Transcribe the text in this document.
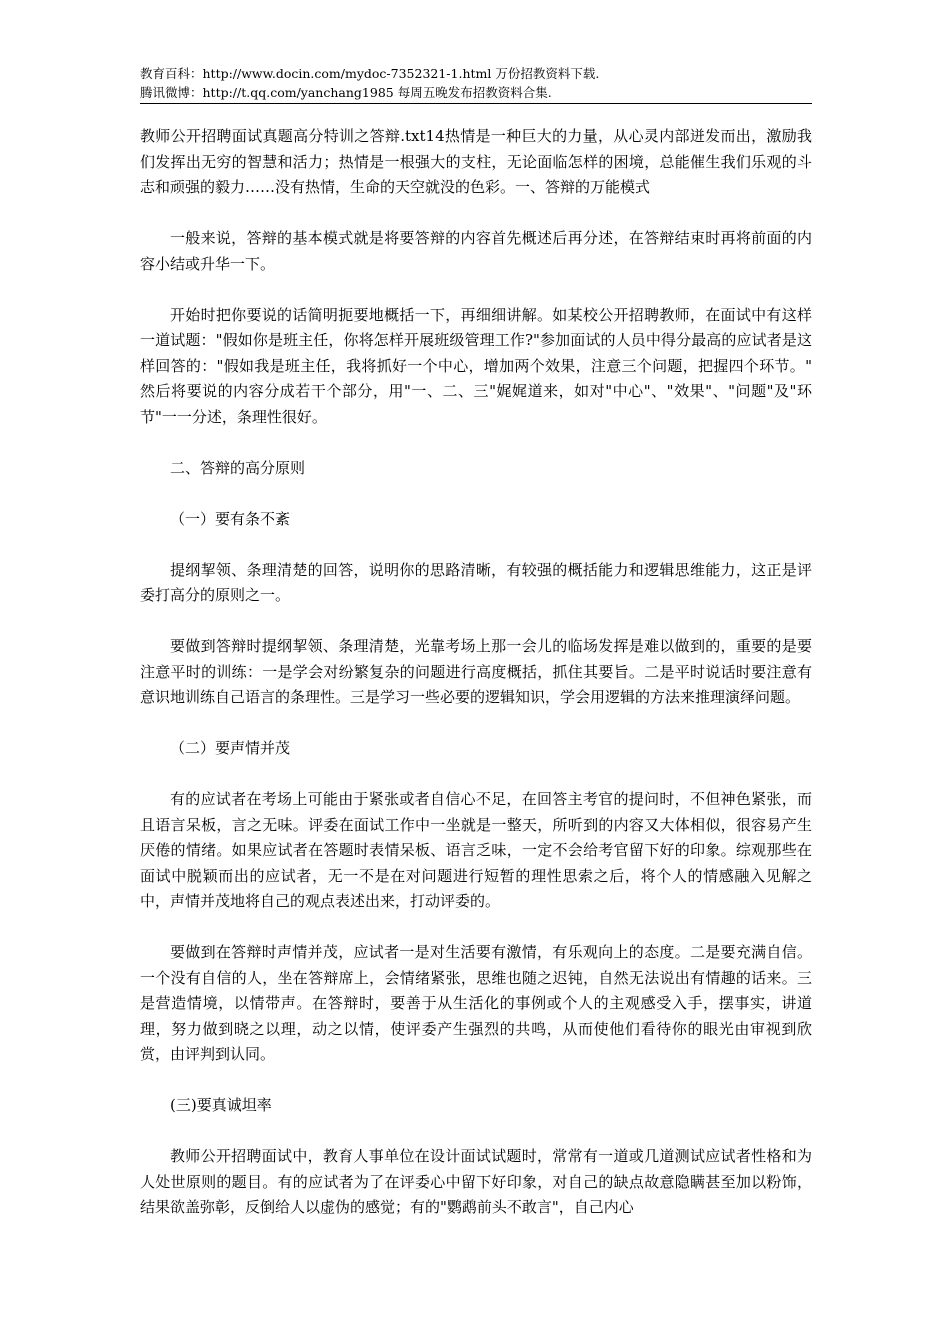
教育百科：http://www.docin.com/mydoc-7352321-1.html 万份招教资料下载.
腾讯微博：http://t.qq.com/yanchang1985 每周五晚发布招教资料合集.

教师公开招聘面试真题高分特训之答辩.txt14热情是一种巨大的力量，从心灵内部迸发而出，激励我们发挥出无穷的智慧和活力；热情是一根强大的支柱，无论面临怎样的困境，总能催生我们乐观的斗志和顽强的毅力……没有热情，生命的天空就没的色彩。一、答辩的万能模式

一般来说，答辩的基本模式就是将要答辩的内容首先概述后再分述，在答辩结束时再将前面的内容小结或升华一下。

开始时把你要说的话简明扼要地概括一下，再细细讲解。如某校公开招聘教师，在面试中有这样一道试题："假如你是班主任，你将怎样开展班级管理工作?"参加面试的人员中得分最高的应试者是这样回答的："假如我是班主任，我将抓好一个中心，增加两个效果，注意三个问题，把握四个环节。" 然后将要说的内容分成若干个部分，用"一、二、三"娓娓道来，如对"中心"、"效果"、"问题"及"环节"一一分述，条理性很好。

二、答辩的高分原则

（一）要有条不紊

提纲挈领、条理清楚的回答，说明你的思路清晰，有较强的概括能力和逻辑思维能力，这正是评委打高分的原则之一。

要做到答辩时提纲挈领、条理清楚，光靠考场上那一会儿的临场发挥是难以做到的，重要的是要注意平时的训练：一是学会对纷繁复杂的问题进行高度概括，抓住其要旨。二是平时说话时要注意有意识地训练自己语言的条理性。三是学习一些必要的逻辑知识，学会用逻辑的方法来推理演绎问题。

（二）要声情并茂

有的应试者在考场上可能由于紧张或者自信心不足，在回答主考官的提问时，不但神色紧张，而且语言呆板，言之无味。评委在面试工作中一坐就是一整天，所听到的内容又大体相似，很容易产生厌倦的情绪。如果应试者在答题时表情呆板、语言乏味，一定不会给考官留下好的印象。综观那些在面试中脱颖而出的应试者，无一不是在对问题进行短暂的理性思索之后，将个人的情感融入见解之中，声情并茂地将自己的观点表述出来，打动评委的。

要做到在答辩时声情并茂，应试者一是对生活要有激情，有乐观向上的态度。二是要充满自信。一个没有自信的人，坐在答辩席上，会情绪紧张，思维也随之迟钝，自然无法说出有情趣的话来。三是营造情境，以情带声。在答辩时，要善于从生活化的事例或个人的主观感受入手，摆事实，讲道理，努力做到晓之以理，动之以情，使评委产生强烈的共鸣，从而使他们看待你的眼光由审视到欣赏，由评判到认同。

(三)要真诚坦率

教师公开招聘面试中，教育人事单位在设计面试试题时，常常有一道或几道测试应试者性格和为人处世原则的题目。有的应试者为了在评委心中留下好印象，对自己的缺点故意隐瞒甚至加以粉饰，结果欲盖弥彰，反倒给人以虚伪的感觉；有的"鹦鹉前头不敢言"，自己内心
